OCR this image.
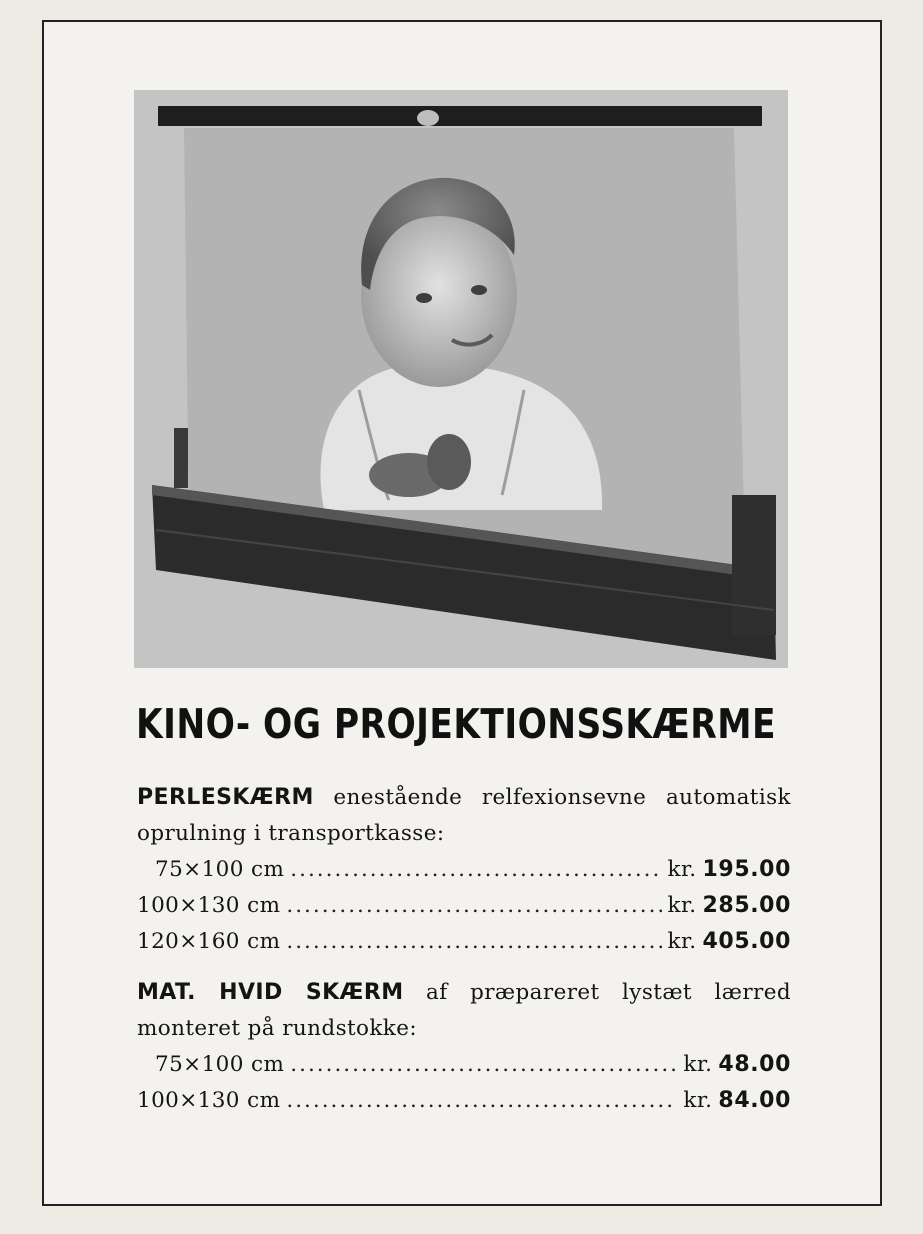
KINO- OG PROJEKTIONSSKÆRME
PERLESKÆRM enestående relfexionsevne automatisk oprulning i transportkasse:
75×100 cm .....	kr. 195.00
100×130 cm .....	kr. 285.00
120×160 cm .....	kr. 405.00
MAT. HVID SKÆRM af præpareret lystæt lærred monteret på rundstokke:
75×100 cm .....	kr. 48.00
100×130 cm .....	kr. 84.00
